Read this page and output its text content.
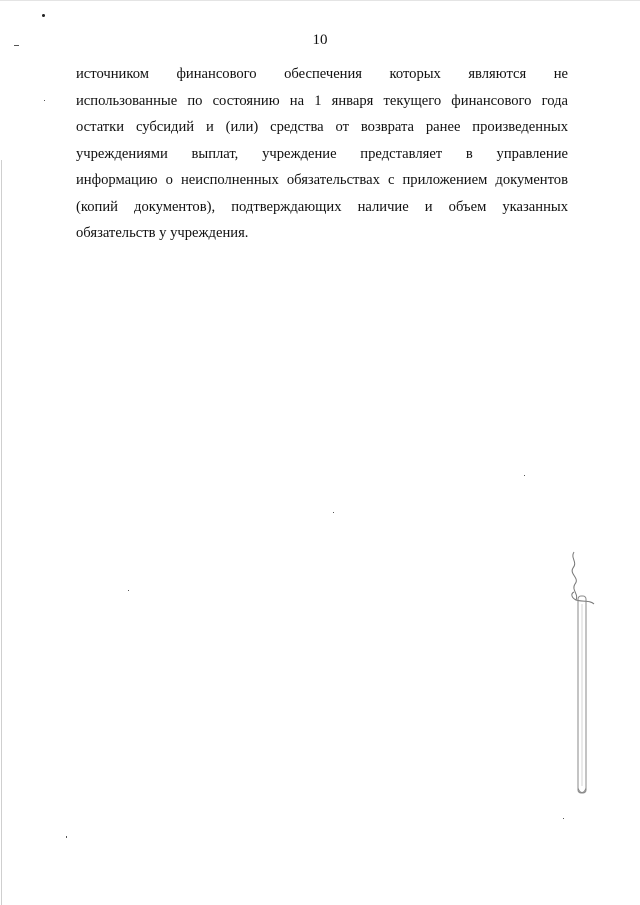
10
источником финансового обеспечения которых являются не
использованные по состоянию на 1 января текущего финансового года
остатки субсидий и (или) средства от возврата ранее произведенных
учреждениями выплат, учреждение представляет в управление
информацию о неисполненных обязательствах с приложением документов
(копий документов), подтверждающих наличие и объем указанных
обязательств у учреждения.
